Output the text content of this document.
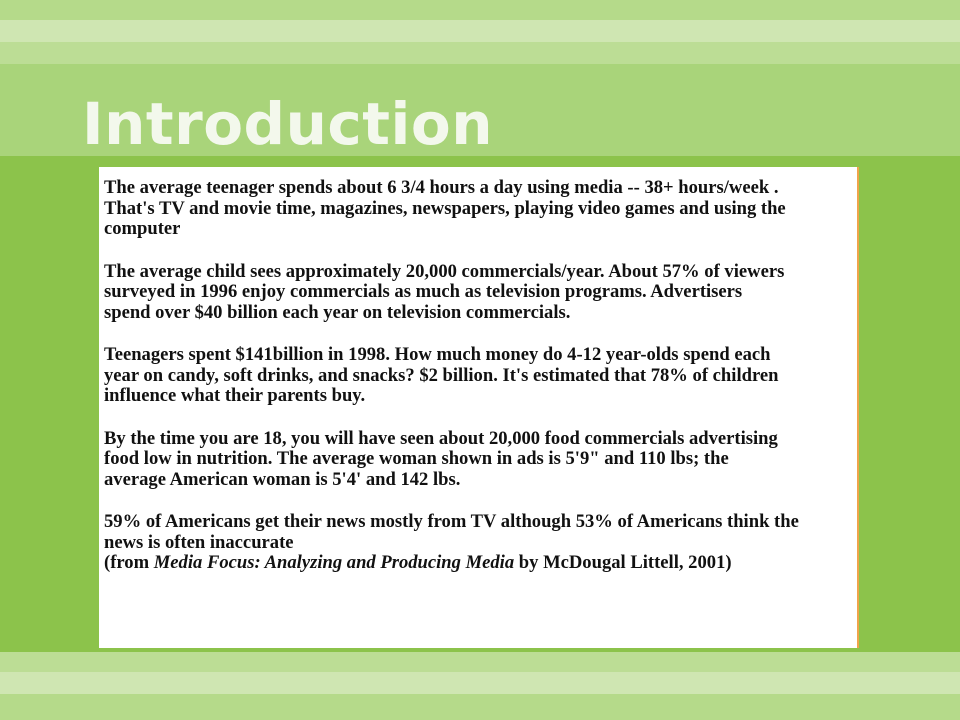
Introduction

The average teenager spends about 6 3/4 hours a day using media -- 38+ hours/week .
That's TV and movie time, magazines, newspapers, playing video games and using the
computer

The average child sees approximately 20,000 commercials/year. About 57% of viewers
surveyed in 1996 enjoy commercials as much as television programs. Advertisers
spend over $40 billion each year on television commercials.

Teenagers spent $141billion in 1998. How much money do 4-12 year-olds spend each
year on candy, soft drinks, and snacks? $2 billion. It's estimated that 78% of children
influence what their parents buy.

By the time you are 18, you will have seen about 20,000 food commercials advertising
food low in nutrition. The average woman shown in ads is 5'9" and 110 lbs; the
average American woman is 5'4' and 142 lbs.

59% of Americans get their news mostly from TV although 53% of Americans think the
news is often inaccurate
(from Media Focus: Analyzing and Producing Media by McDougal Littell, 2001)
